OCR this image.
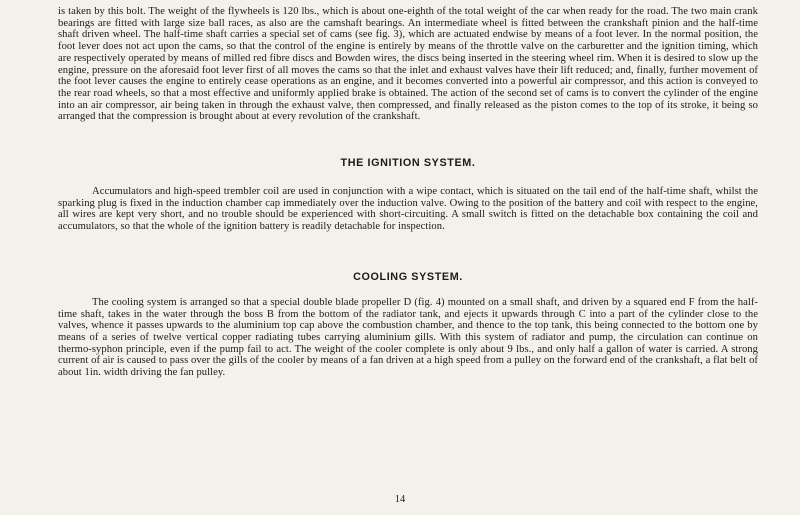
is taken by this bolt. The weight of the flywheels is 120 lbs., which is about one-eighth of the total weight of the car when ready for the road. The two main crank bearings are fitted with large size ball races, as also are the camshaft bearings. An intermediate wheel is fitted between the crankshaft pinion and the half-time shaft driven wheel. The half-time shaft carries a special set of cams (see fig. 3), which are actuated endwise by means of a foot lever. In the normal position, the foot lever does not act upon the cams, so that the control of the engine is entirely by means of the throttle valve on the carburetter and the ignition timing, which are respectively operated by means of milled red fibre discs and Bowden wires, the discs being inserted in the steering wheel rim. When it is desired to slow up the engine, pressure on the aforesaid foot lever first of all moves the cams so that the inlet and exhaust valves have their lift reduced; and, finally, further movement of the foot lever causes the engine to entirely cease operations as an engine, and it becomes converted into a powerful air compressor, and this action is conveyed to the rear road wheels, so that a most effective and uniformly applied brake is obtained. The action of the second set of cams is to convert the cylinder of the engine into an air compressor, air being taken in through the exhaust valve, then compressed, and finally released as the piston comes to the top of its stroke, it being so arranged that the compression is brought about at every revolution of the crankshaft.

THE IGNITION SYSTEM.

Accumulators and high-speed trembler coil are used in conjunction with a wipe contact, which is situated on the tail end of the half-time shaft, whilst the sparking plug is fixed in the induction chamber cap immediately over the induction valve. Owing to the position of the battery and coil with respect to the engine, all wires are kept very short, and no trouble should be experienced with short-circuiting. A small switch is fitted on the detachable box containing the coil and accumulators, so that the whole of the ignition battery is readily detachable for inspection.

COOLING SYSTEM.

The cooling system is arranged so that a special double blade propeller D (fig. 4) mounted on a small shaft, and driven by a squared end F from the half-time shaft, takes in the water through the boss B from the bottom of the radiator tank, and ejects it upwards through C into a part of the cylinder close to the valves, whence it passes upwards to the aluminium top cap above the combustion chamber, and thence to the top tank, this being connected to the bottom one by means of a series of twelve vertical copper radiating tubes carrying aluminium gills. With this system of radiator and pump, the circulation can continue on thermo-syphon principle, even if the pump fail to act. The weight of the cooler complete is only about 9 lbs., and only half a gallon of water is carried. A strong current of air is caused to pass over the gills of the cooler by means of a fan driven at a high speed from a pulley on the forward end of the crankshaft, a flat belt of about 1in. width driving the fan pulley.

14
